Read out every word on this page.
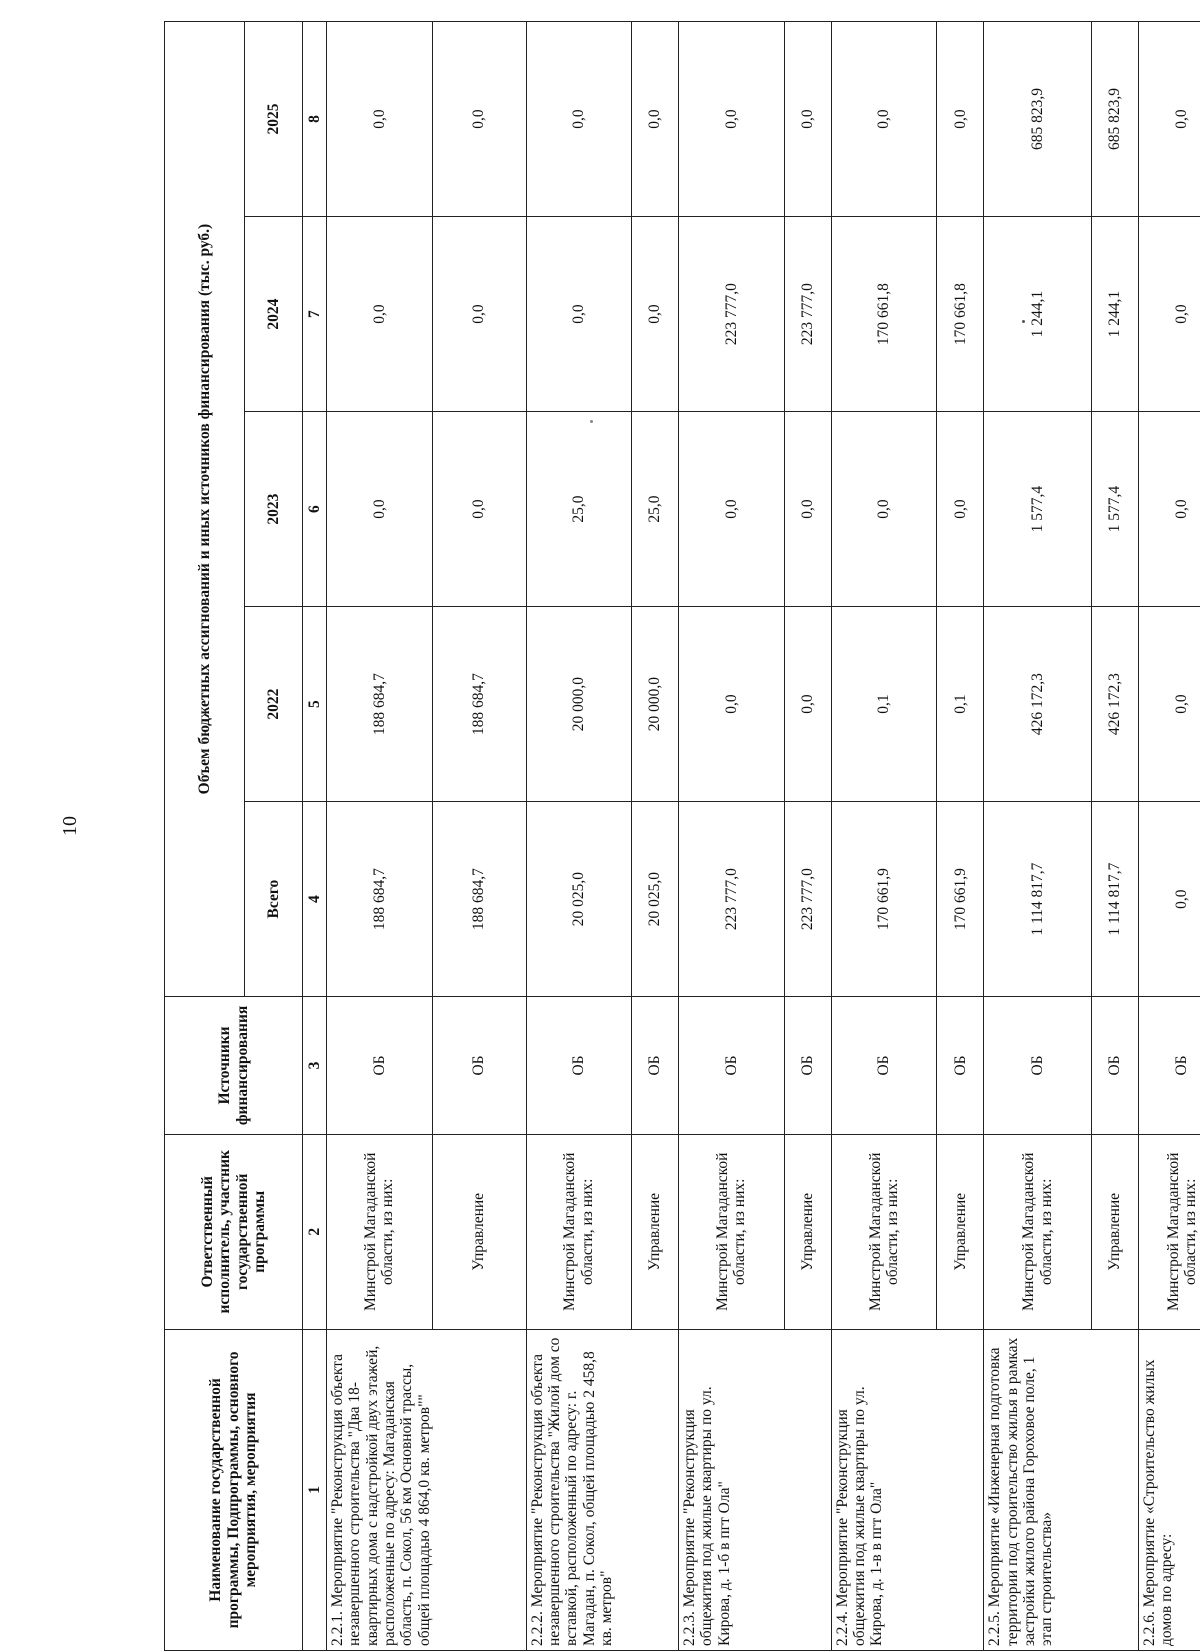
10
Наименование государственной программы, Подпрограммы, основного мероприятия, мероприятия	Ответственный исполнитель, участник государственной программы	Источники финансирования	Объем бюджетных ассигнований и иных источников финансирования (тыс. руб.)				
			Всего	2022	2023	2024	2025
1	2	3	4	5	6	7	8
2.2.1. Мероприятие "Реконструкция объекта незавершенного строительства "Два 18-квартирных дома с надстройкой двух этажей, расположенные по адресу: Магаданская область, п. Сокол, 56 км Основной трассы, общей площадью 4 864,0 кв. метров""	Минстрой Магаданской области, из них:	ОБ	188 684,7	188 684,7	0,0	0,0	0,0
	Управление	ОБ	188 684,7	188 684,7	0,0	0,0	0,0
2.2.2. Мероприятие "Реконструкция объекта незавершенного строительства "Жилой дом со вставкой, расположенный по адресу: г. Магадан, п. Сокол, общей площадью 2 458,8 кв. метров"	Минстрой Магаданской области, из них:	ОБ	20 025,0	20 000,0	25,0	0,0	0,0
	Управление	ОБ	20 025,0	20 000,0	25,0	0,0	0,0
2.2.3. Мероприятие "Реконструкция общежития под жилые квартиры по ул. Кирова, д. 1-б в пгт Ола"	Минстрой Магаданской области, из них:	ОБ	223 777,0	0,0	0,0	223 777,0	0,0
	Управление	ОБ	223 777,0	0,0	0,0	223 777,0	0,0
2.2.4. Мероприятие "Реконструкция общежития под жилые квартиры по ул. Кирова, д. 1-в в пгт Ола"	Минстрой Магаданской области, из них:	ОБ	170 661,9	0,1	0,0	170 661,8	0,0
	Управление	ОБ	170 661,9	0,1	0,0	170 661,8	0,0
2.2.5. Мероприятие «Инженерная подготовка территории под строительство жилья в рамках застройки жилого района Гороховое поле, 1 этап строительства»	Минстрой Магаданской области, из них:	ОБ	1 114 817,7	426 172,3	1 577,4	1 244,1	685 823,9
	Управление	ОБ	1 114 817,7	426 172,3	1 577,4	1 244,1	685 823,9
2.2.6. Мероприятие «Строительство жилых домов по адресу:	Минстрой Магаданской области, из них:	ОБ	0,0	0,0	0,0	0,0	0,0
